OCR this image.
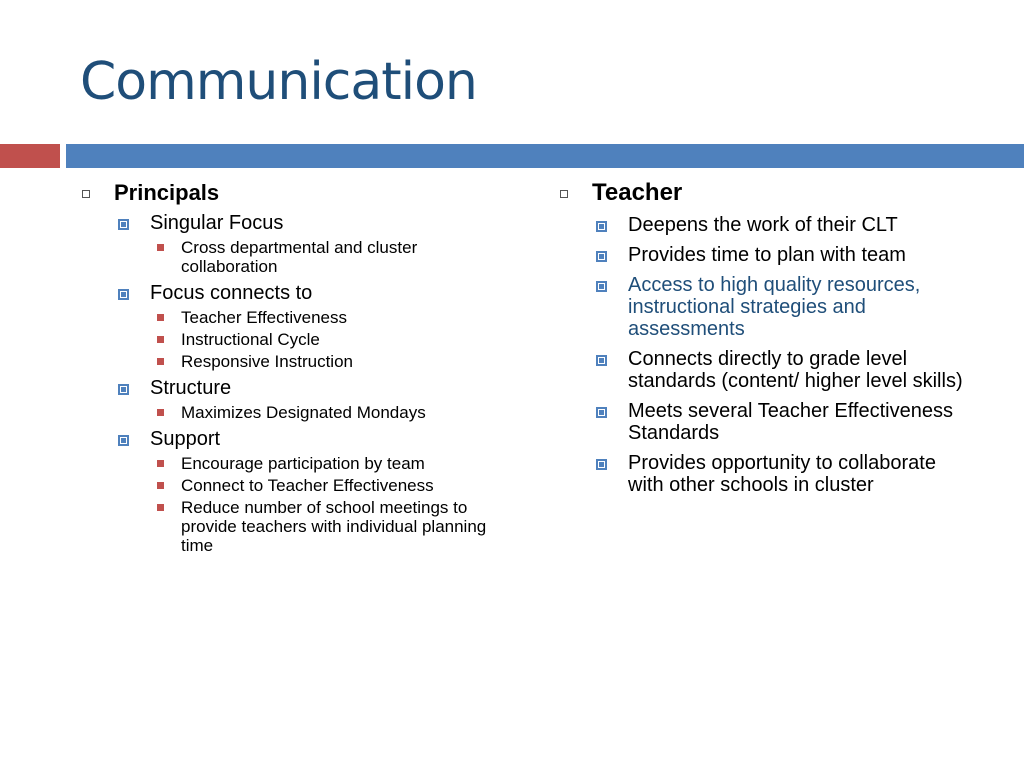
Communication
Principals
Singular Focus
Cross departmental and cluster collaboration
Focus connects to
Teacher Effectiveness
Instructional Cycle
Responsive Instruction
Structure
Maximizes Designated Mondays
Support
Encourage participation by team
Connect to Teacher Effectiveness
Reduce number of school meetings to provide teachers with individual planning time
Teacher
Deepens the work of their CLT
Provides time to plan with team
Access to high quality resources, instructional strategies and assessments
Connects directly to grade level standards (content/ higher level skills)
Meets several Teacher Effectiveness Standards
Provides opportunity to collaborate with other schools in cluster
